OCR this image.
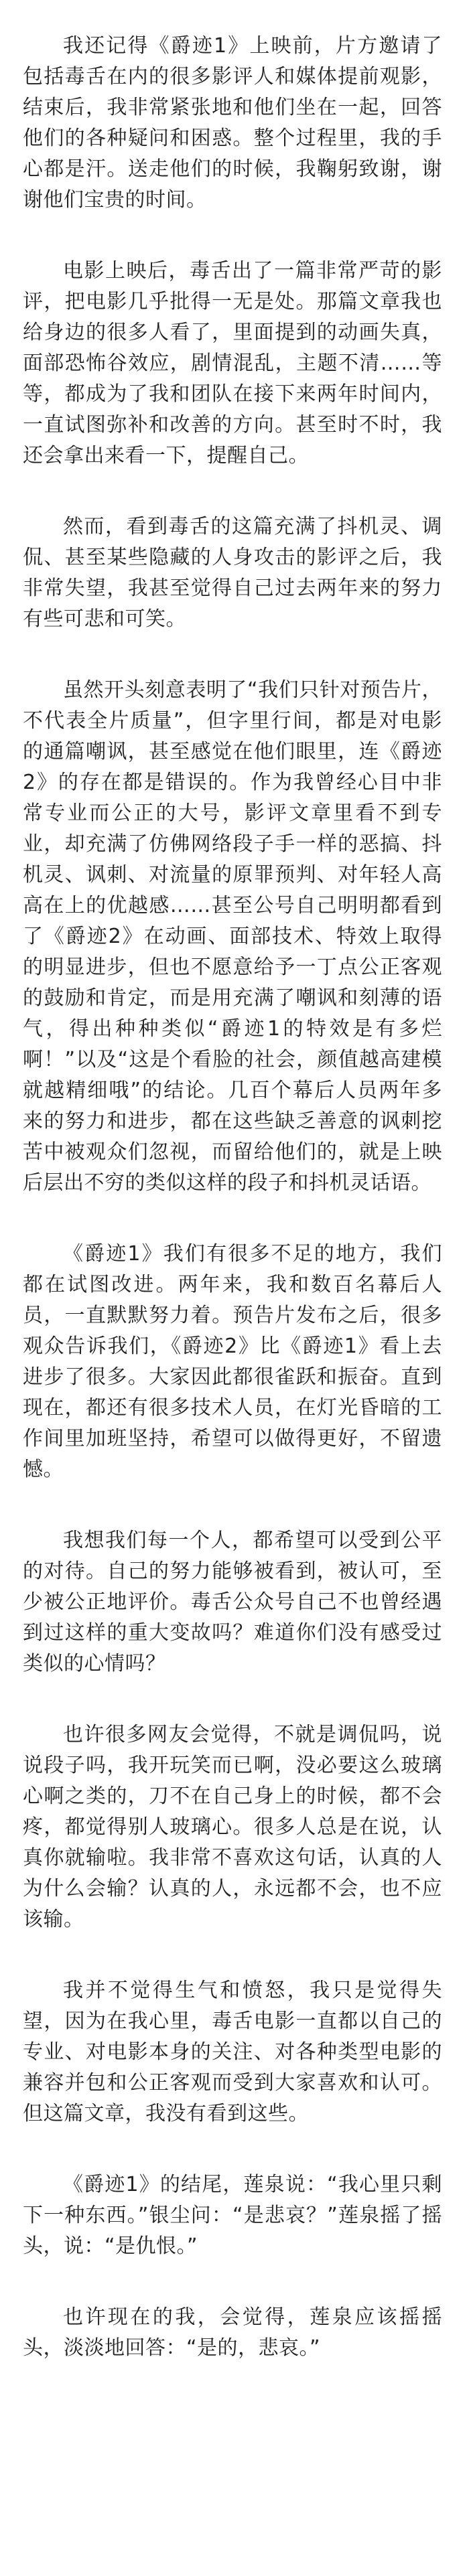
我还记得《爵迹1》上映前，片方邀请了包括毒舌在内的很多影评人和媒体提前观影，结束后，我非常紧张地和他们坐在一起，回答他们的各种疑问和困惑。整个过程里，我的手心都是汗。送走他们的时候，我鞠躬致谢，谢谢他们宝贵的时间。

电影上映后，毒舌出了一篇非常严苛的影评，把电影几乎批得一无是处。那篇文章我也给身边的很多人看了，里面提到的动画失真，面部恐怖谷效应，剧情混乱，主题不清……等等，都成为了我和团队在接下来两年时间内，一直试图弥补和改善的方向。甚至时不时，我还会拿出来看一下，提醒自己。

然而，看到毒舌的这篇充满了抖机灵、调侃、甚至某些隐藏的人身攻击的影评之后，我非常失望，我甚至觉得自己过去两年来的努力有些可悲和可笑。

虽然开头刻意表明了“我们只针对预告片，不代表全片质量”，但字里行间，都是对电影的通篇嘲讽，甚至感觉在他们眼里，连《爵迹2》的存在都是错误的。作为我曾经心目中非常专业而公正的大号，影评文章里看不到专业，却充满了仿佛网络段子手一样的恶搞、抖机灵、讽刺、对流量的原罪预判、对年轻人高高在上的优越感……甚至公号自己明明都看到了《爵迹2》在动画、面部技术、特效上取得的明显进步，但也不愿意给予一丁点公正客观的鼓励和肯定，而是用充满了嘲讽和刻薄的语气，得出种种类似“爵迹1的特效是有多烂啊！”以及“这是个看脸的社会，颜值越高建模就越精细哦”的结论。几百个幕后人员两年多来的努力和进步，都在这些缺乏善意的讽刺挖苦中被观众们忽视，而留给他们的，就是上映后层出不穷的类似这样的段子和抖机灵话语。

《爵迹1》我们有很多不足的地方，我们都在试图改进。两年来，我和数百名幕后人员，一直默默努力着。预告片发布之后，很多观众告诉我们，《爵迹2》比《爵迹1》看上去进步了很多。大家因此都很雀跃和振奋。直到现在，都还有很多技术人员，在灯光昏暗的工作间里加班坚持，希望可以做得更好，不留遗憾。

我想我们每一个人，都希望可以受到公平的对待。自己的努力能够被看到，被认可，至少被公正地评价。毒舌公众号自己不也曾经遇到过这样的重大变故吗？难道你们没有感受过类似的心情吗？

也许很多网友会觉得，不就是调侃吗，说说段子吗，我开玩笑而已啊，没必要这么玻璃心啊之类的，刀不在自己身上的时候，都不会疼，都觉得别人玻璃心。很多人总是在说，认真你就输啦。我非常不喜欢这句话，认真的人为什么会输？认真的人，永远都不会，也不应该输。

我并不觉得生气和愤怒，我只是觉得失望，因为在我心里，毒舌电影一直都以自己的专业、对电影本身的关注、对各种类型电影的兼容并包和公正客观而受到大家喜欢和认可。但这篇文章，我没有看到这些。

《爵迹1》的结尾，莲泉说：“我心里只剩下一种东西。”银尘问：“是悲哀？”莲泉摇了摇头，说：“是仇恨。”

也许现在的我，会觉得，莲泉应该摇摇头，淡淡地回答：“是的，悲哀。”
